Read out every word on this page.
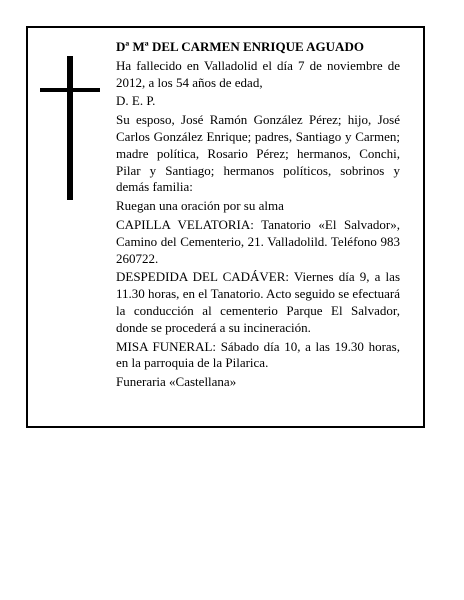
Dª Mª DEL CARMEN ENRIQUE AGUADO

Ha fallecido en Valladolid el día 7 de noviembre de 2012, a los 54 años de edad,

D. E. P.

Su esposo, José Ramón González Pérez; hijo, José Carlos González Enrique; padres, Santiago y Carmen; madre política, Rosario Pérez; hermanos, Conchi, Pilar y Santiago; hermanos políticos, sobrinos y demás familia:

Ruegan una oración por su alma

CAPILLA VELATORIA: Tanatorio «El Salvador», Camino del Cementerio, 21. Valladolild. Teléfono 983 260722.

DESPEDIDA DEL CADÁVER: Viernes día 9, a las 11.30 horas, en el Tanatorio. Acto seguido se efectuará la conducción al cementerio Parque El Salvador, donde se procederá a su incineración.

MISA FUNERAL: Sábado día 10, a las 19.30 horas, en la parroquia de la Pilarica.

Funeraria «Castellana»
